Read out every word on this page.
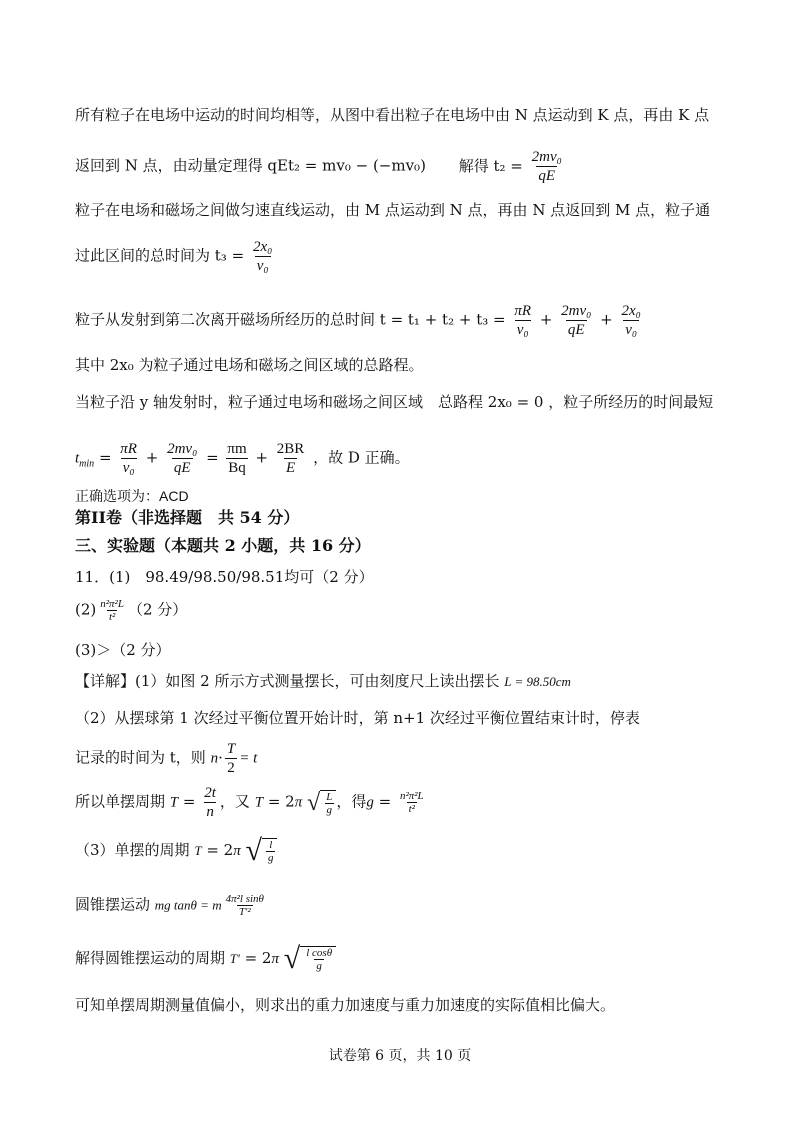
所有粒子在电场中运动的时间均相等，从图中看出粒子在电场中由 N 点运动到 K 点，再由 K 点
返回到 N 点，由动量定理得 qEt₂ = mv₀ − (−mv₀) 解得 $t_2 = \frac{\text{2mv₀}}{qE}$
粒子在电场和磁场之间做匀速直线运动，由 M 点运动到 N 点，再由 N 点返回到 M 点，粒子通
过此区间的总时间为 $t_3 = \frac{\text{2x₀}}{\text{v₀}}$
粒子从发射到第二次离开磁场所经历的总时间 $t = t_1 + t_2 + t_3 = \frac{\pi R}{\text{v₀}} + \frac{\text{2mv₀}}{qE} + \frac{\text{2x₀}}{\text{v₀}}$
其中 2x₀ 为粒子通过电场和磁场之间区域的总路程。
当粒子沿 y 轴发射时，粒子通过电场和磁场之间区域　总路程 2x₀ = 0 ，粒子所经历的时间最短
$t_{min} = \frac{\pi R}{\text{v₀}} + \frac{\text{2mv₀}}{qE} = \frac{\pi m}{Bq} + \frac{2BR}{E}$ ，故 D 正确。
正确选项为：ACD
第II卷（非选择题　共 54 分）
三、实验题（本题共 2 小题，共 16 分）
11．(1)　98.49/98.50/98.51均可（2 分）
$(2) \frac{\text{n²π²L}}{\text{t²}} (2$ 分）
(3)＞（2 分）
【详解】(1）如图 2 所示方式测量摆长，可由刻度尺上读出摆长 L = 98.50cm
（2）从摆球第 1 次经过平衡位置开始计时，第 n+1 次经过平衡位置结束计时，停表
记录的时间为 t，则 $n\cdot \frac{T}{2} = t$
所以单摆周期 $T = \frac{2t}{n}$ ，又 T = 2π √ $\frac{L}{g}$ ，得$g = \frac{\text{n²π²L}}{\text{t²}}$
（3）单摆的周期 T = 2π √ $\frac{l}{g}$
圆锥摆运动 mg tanθ = m $\frac{\text{4π²l sinθ}}{\text{T'²}}$
解得圆锥摆运动的周期 T' = 2π √ $\frac{\text{l cosθ}}{g}$
可知单摆周期测量值偏小，则求出的重力加速度与重力加速度的实际值相比偏大。
试卷第 6 页，共 10 页
